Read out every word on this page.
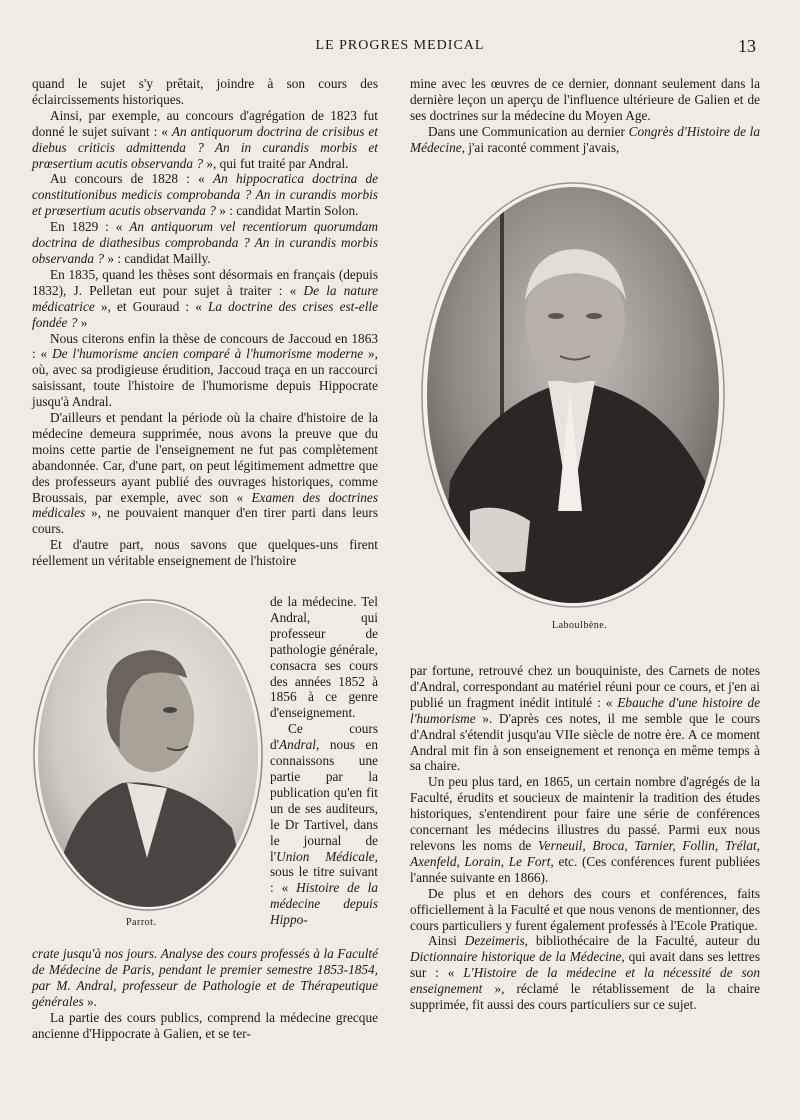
LE PROGRES MEDICAL	13

quand le sujet s'y prêtait, joindre à son cours des éclaircissements historiques.

Ainsi, par exemple, au concours d'agrégation de 1823 fut donné le sujet suivant : « An antiquorum doctrina de crisibus et diebus criticis admittenda ? An in curandis morbis et prœsertium acutis observanda ? », qui fut traité par Andral.

Au concours de 1828 : « An hippocratica doctrina de constitutionibus medicis comprobanda ? An in curandis morbis et prœsertium acutis observanda ? » : candidat Martin Solon.

En 1829 : « An antiquorum vel recentiorum quorumdam doctrina de diathesibus comprobanda ? An in curandis morbis observanda ? » : candidat Mailly.

En 1835, quand les thèses sont désormais en français (depuis 1832), J. Pelletan eut pour sujet à traiter : « De la nature médicatrice », et Gouraud : « La doctrine des crises est-elle fondée ? »

Nous citerons enfin la thèse de concours de Jaccoud en 1863 : « De l'humorisme ancien comparé à l'humorisme moderne », où, avec sa prodigieuse érudition, Jaccoud traça en un raccourci saisissant, toute l'histoire de l'humorisme depuis Hippocrate jusqu'à Andral.

D'ailleurs et pendant la période où la chaire d'histoire de la médecine demeura supprimée, nous avons la preuve que du moins cette partie de l'enseignement ne fut pas complètement abandonnée. Car, d'une part, on peut légitimement admettre que des professeurs ayant publié des ouvrages historiques, comme Broussais, par exemple, avec son « Examen des doctrines médicales », ne pouvaient manquer d'en tirer parti dans leurs cours.

Et d'autre part, nous savons que quelques-uns firent réellement un véritable enseignement de l'histoire

de la médecine. Tel Andral, qui professeur de pathologie générale, consacra ses cours des années 1852 à 1856 à ce genre d'enseignement.

Ce cours d'Andral, nous en connaissons une partie par la publication qu'en fit un de ses auditeurs, le Dr Tartivel, dans le journal de l'Union Médicale, sous le titre suivant : « Histoire de la médecine depuis Hippo-

crate jusqu'à nos jours. Analyse des cours professés à la Faculté de Médecine de Paris, pendant le premier semestre 1853-1854, par M. Andral, professeur de Pathologie et de Thérapeutique générales ».

La partie des cours publics, comprend la médecine grecque ancienne d'Hippocrate à Galien, et se ter-

mine avec les œuvres de ce dernier, donnant seulement dans la dernière leçon un aperçu de l'influence ultérieure de Galien et de ses doctrines sur la médecine du Moyen Age.

Dans une Communication au dernier Congrès d'Histoire de la Médecine, j'ai raconté comment j'avais,

par fortune, retrouvé chez un bouquiniste, des Carnets de notes d'Andral, correspondant au matériel réuni pour ce cours, et j'en ai publié un fragment inédit intitulé : « Ebauche d'une histoire de l'humorisme ». D'après ces notes, il me semble que le cours d'Andral s'étendit jusqu'au VIIe siècle de notre ère. A ce moment Andral mit fin à son enseignement et renonça en même temps à sa chaire.

Un peu plus tard, en 1865, un certain nombre d'agrégés de la Faculté, érudits et soucieux de maintenir la tradition des études historiques, s'entendirent pour faire une série de conférences concernant les médecins illustres du passé. Parmi eux nous relevons les noms de Verneuil, Broca, Tarnier, Follin, Trélat, Axenfeld, Lorain, Le Fort, etc. (Ces conférences furent publiées l'année suivante en 1866).

De plus et en dehors des cours et conférences, faits officiellement à la Faculté et que nous venons de mentionner, des cours particuliers y furent également professés à l'Ecole Pratique.

Ainsi Dezeimeris, bibliothécaire de la Faculté, auteur du Dictionnaire historique de la Médecine, qui avait dans ses lettres sur : « L'Histoire de la médecine et la nécessité de son enseignement », réclamé le rétablissement de la chaire supprimée, fit aussi des cours particuliers sur ce sujet.

Laboulbène.
Parrot.
